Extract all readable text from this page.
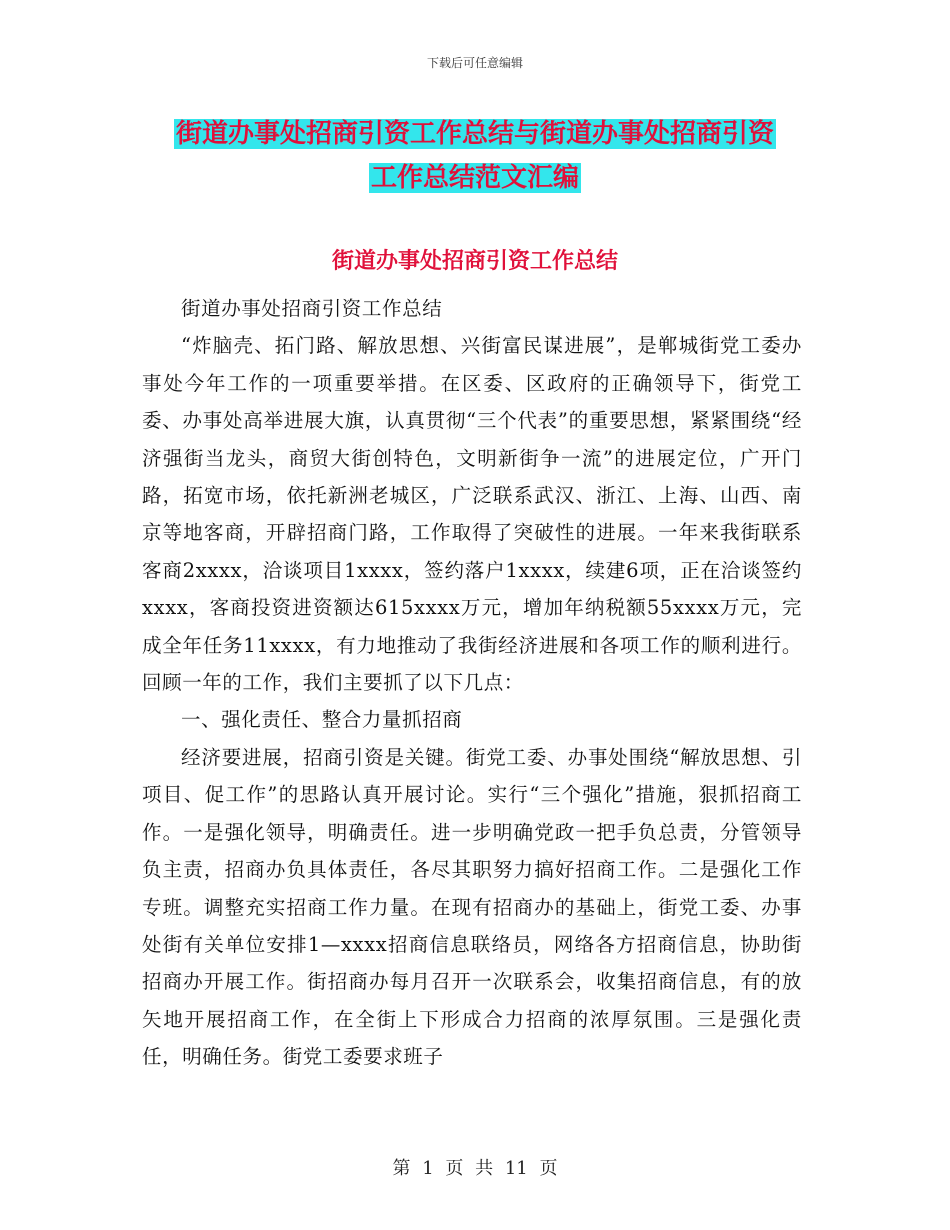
下载后可任意编辑
街道办事处招商引资工作总结与街道办事处招商引资
工作总结范文汇编
街道办事处招商引资工作总结

街道办事处招商引资工作总结

“炸脑壳、拓门路、解放思想、兴街富民谋进展”，是郸城街党工委办事处今年工作的一项重要举措。在区委、区政府的正确领导下，街党工委、办事处高举进展大旗，认真贯彻“三个代表”的重要思想，紧紧围绕“经济强街当龙头，商贸大街创特色，文明新街争一流”的进展定位，广开门路，拓宽市场，依托新洲老城区，广泛联系武汉、浙江、上海、山西、南京等地客商，开辟招商门路，工作取得了突破性的进展。一年来我街联系客商2xxxx，洽谈项目1xxxx，签约落户1xxxx，续建6项，正在洽谈签约xxxx，客商投资进资额达615xxxx万元，增加年纳税额55xxxx万元，完成全年任务11xxxx，有力地推动了我街经济进展和各项工作的顺利进行。回顾一年的工作，我们主要抓了以下几点：

一、强化责任、整合力量抓招商

经济要进展，招商引资是关键。街党工委、办事处围绕“解放思想、引项目、促工作”的思路认真开展讨论。实行“三个强化”措施，狠抓招商工作。一是强化领导，明确责任。进一步明确党政一把手负总责，分管领导负主责，招商办负具体责任，各尽其职努力搞好招商工作。二是强化工作专班。调整充实招商工作力量。在现有招商办的基础上，街党工委、办事处街有关单位安排1—xxxx招商信息联络员，网络各方招商信息，协助街招商办开展工作。街招商办每月召开一次联系会，收集招商信息，有的放矢地开展招商工作，在全街上下形成合力招商的浓厚氛围。三是强化责任，明确任务。街党工委要求班子

第 1 页 共 11 页
